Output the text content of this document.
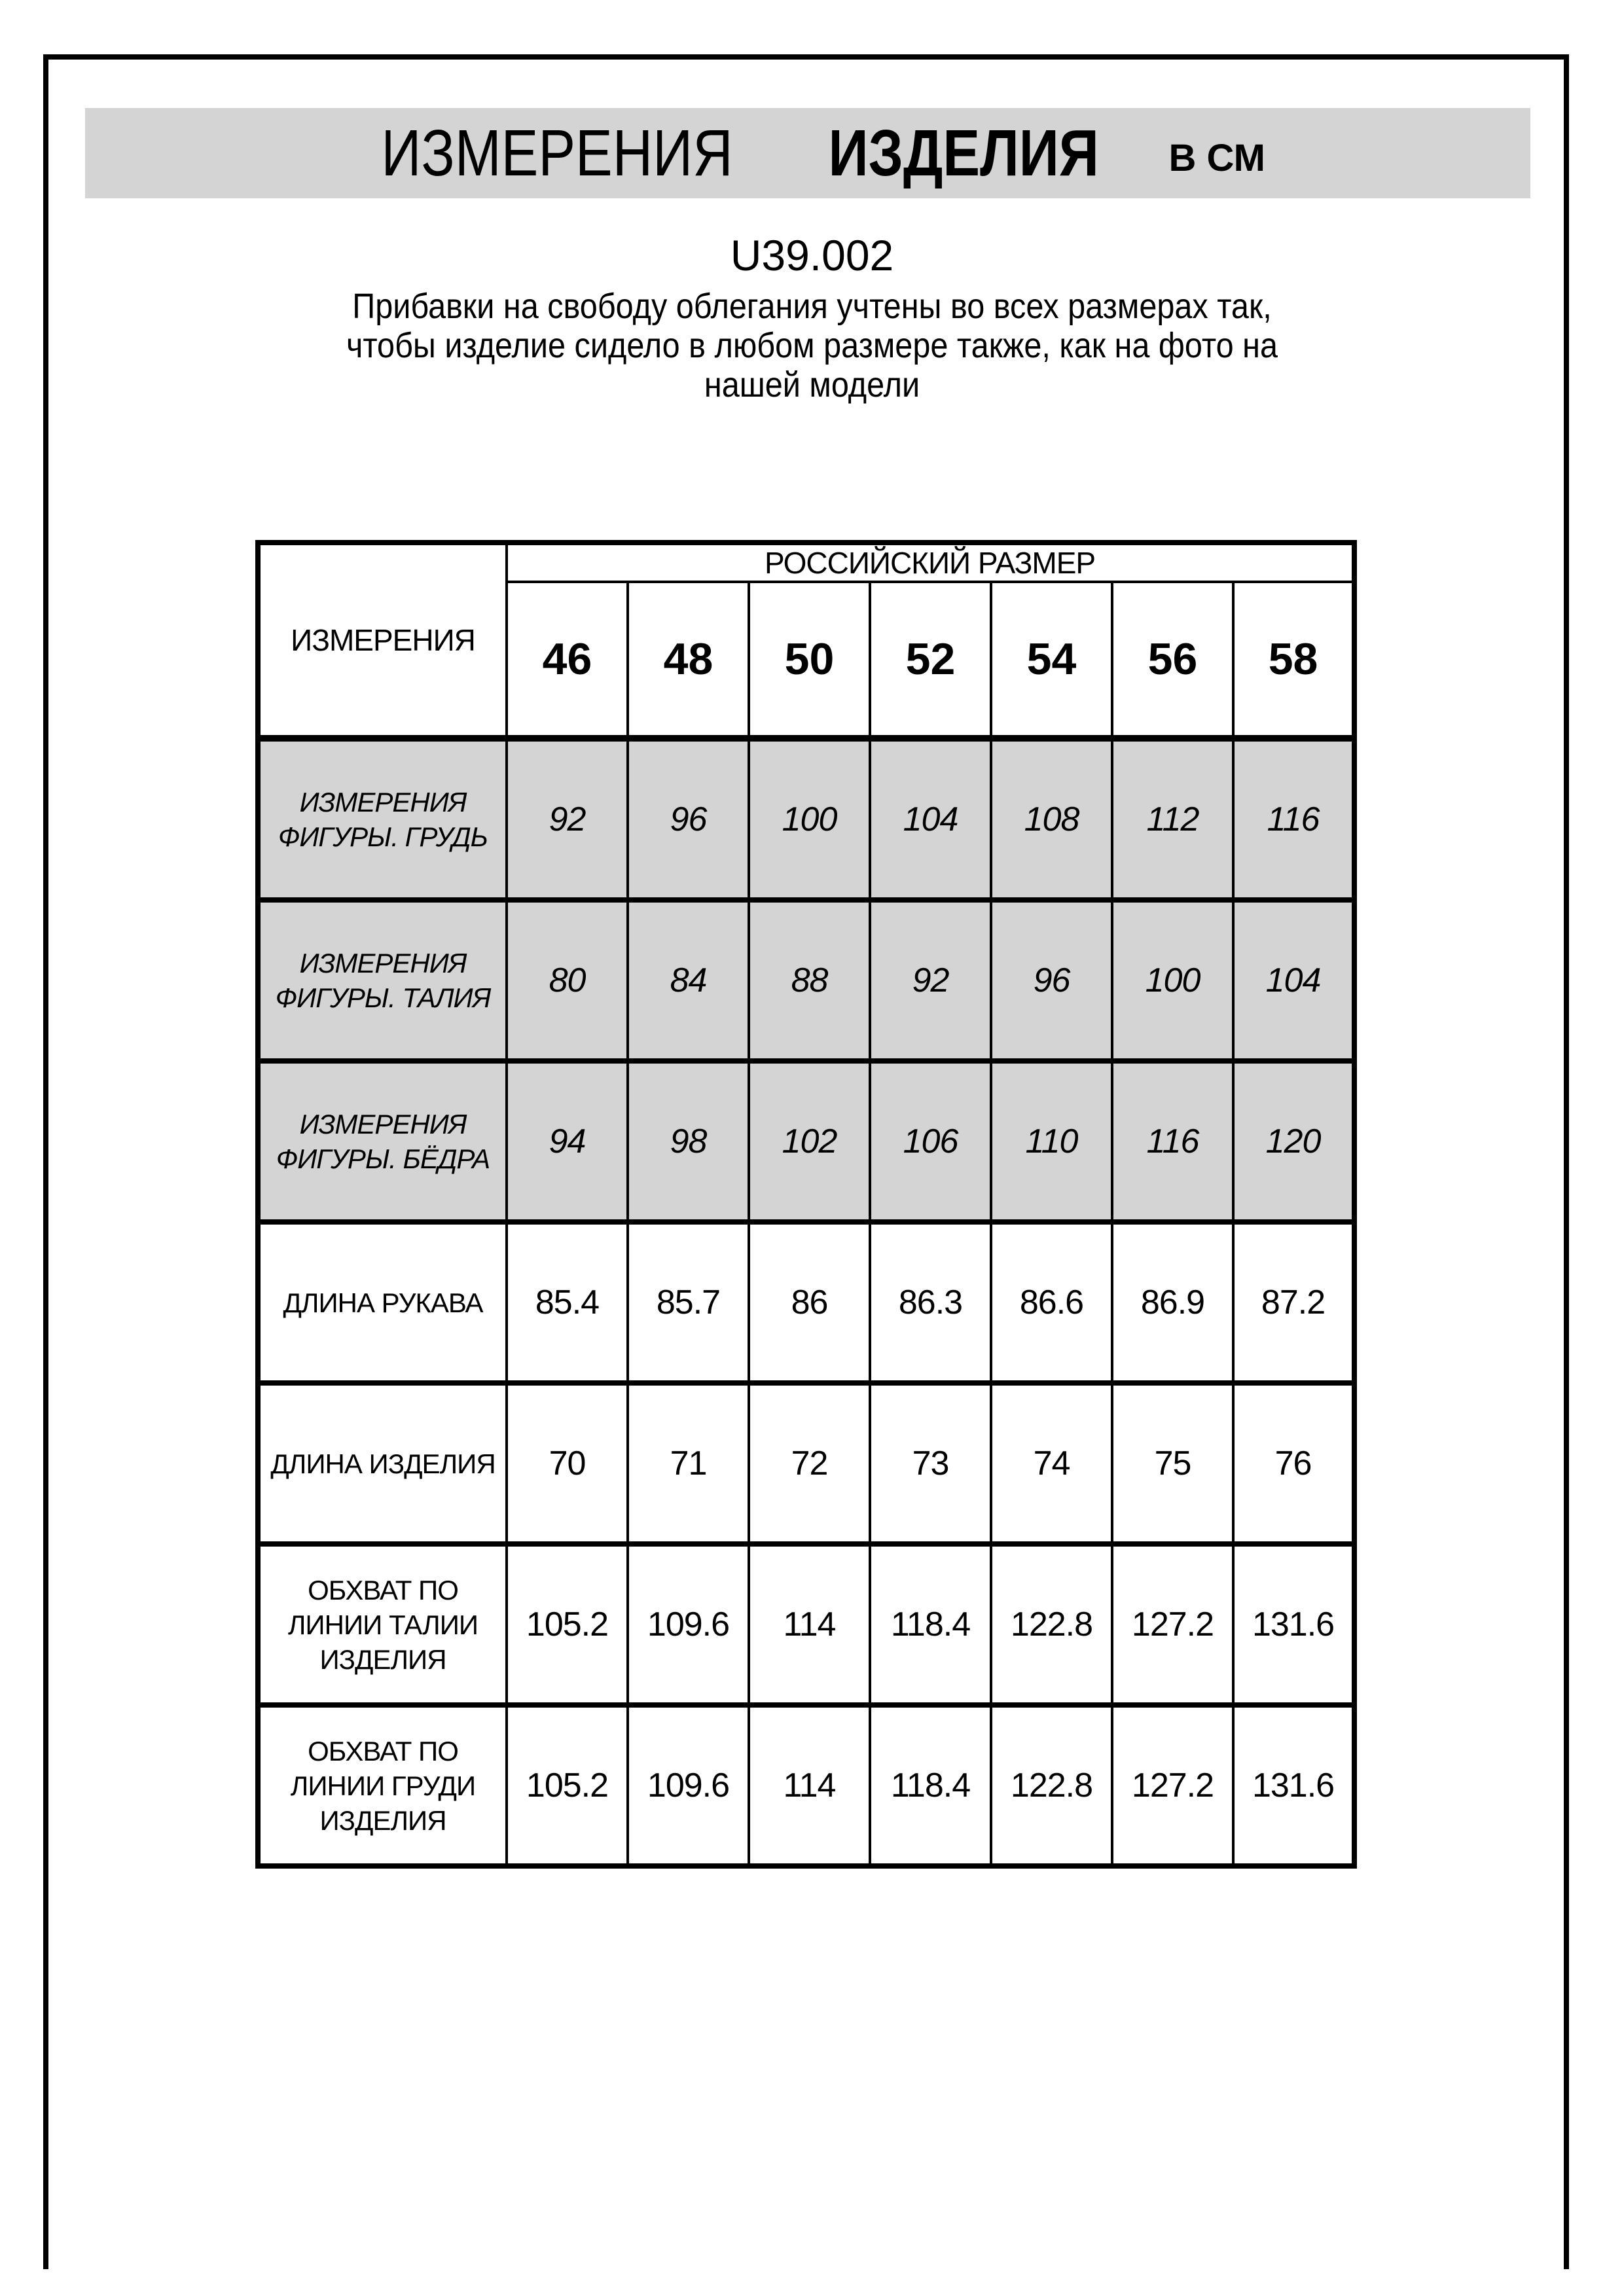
ИЗМЕРЕНИЯ ИЗДЕЛИЯ В СМ
U39.002
Прибавки на свободу облегания учтены во всех размерах так,
чтобы изделие сидело в любом размере также, как на фото на
нашей модели
ИЗМЕРЕНИЯ	РОССИЙСКИЙ РАЗМЕР						
	46	48	50	52	54	56	58

ИЗМЕРЕНИЯ
ФИГУРЫ. ГРУДЬ	92	96	100	104	108	112	116

ИЗМЕРЕНИЯ
ФИГУРЫ. ТАЛИЯ	80	84	88	92	96	100	104

ИЗМЕРЕНИЯ
ФИГУРЫ. БЁДРА	94	98	102	106	110	116	120

ДЛИНА РУКАВА	85.4	85.7	86	86.3	86.6	86.9	87.2

ДЛИНА ИЗДЕЛИЯ	70	71	72	73	74	75	76

ОБХВАТ ПО
ЛИНИИ ТАЛИИ
ИЗДЕЛИЯ	105.2	109.6	114	118.4	122.8	127.2	131.6

ОБХВАТ ПО
ЛИНИИ ГРУДИ
ИЗДЕЛИЯ	105.2	109.6	114	118.4	122.8	127.2	131.6
